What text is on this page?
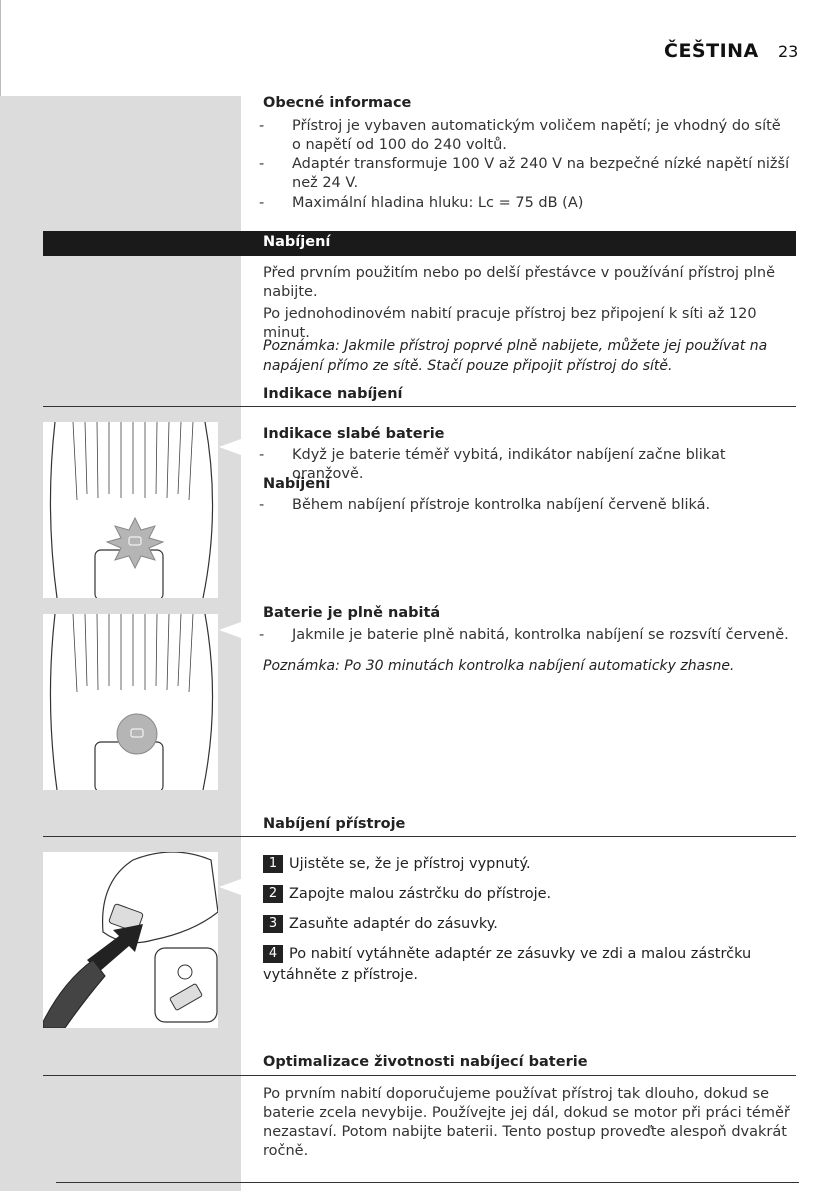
ČEŠTINA 23
Obecné informace
- Přístroj je vybaven automatickým voličem napětí; je vhodný do sítě o napětí od 100 do 240 voltů.
- Adaptér transformuje 100 V až 240 V na bezpečné nízké napětí nižší než 24 V.
- Maximální hladina hluku: Lc = 75 dB (A)
Nabíjení
Před prvním použitím nebo po delší přestávce v používání přístroj plně nabijte.
Po jednohodinovém nabití pracuje přístroj bez připojení k síti až 120 minut.
Poznámka: Jakmile přístroj poprvé plně nabijete, můžete jej používat na napájení přímo ze sítě. Stačí pouze připojit přístroj do sítě.
Indikace nabíjení
Indikace slabé baterie
- Když je baterie téměř vybitá, indikátor nabíjení začne blikat oranžově.
Nabíjení
- Během nabíjení přístroje kontrolka nabíjení červeně bliká.
Baterie je plně nabitá
- Jakmile je baterie plně nabitá, kontrolka nabíjení se rozsvítí červeně.
Poznámka: Po 30 minutách kontrolka nabíjení automaticky zhasne.
Nabíjení přístroje
1 Ujistěte se, že je přístroj vypnutý.
2 Zapojte malou zástrčku do přístroje.
3 Zasuňte adaptér do zásuvky.
4 Po nabití vytáhněte adaptér ze zásuvky ve zdi a malou zástrčku vytáhněte z přístroje.
Optimalizace životnosti nabíjecí baterie
Po prvním nabití doporučujeme používat přístroj tak dlouho, dokud se baterie zcela nevybije. Používejte jej dál, dokud se motor při práci téměř nezastaví. Potom nabijte baterii. Tento postup proveďte alespoň dvakrát ročně.
